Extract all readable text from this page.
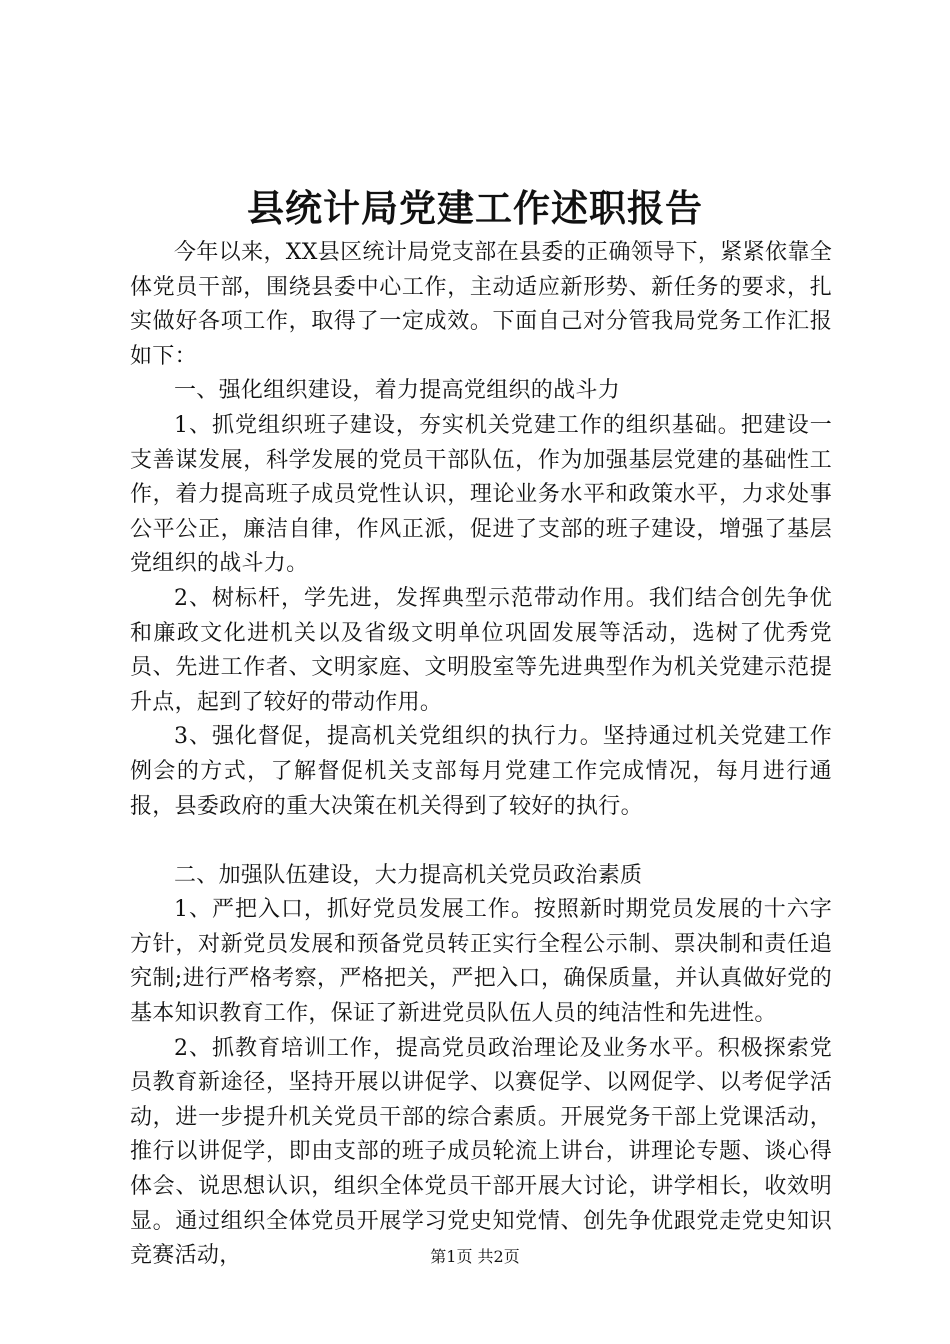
县统计局党建工作述职报告

今年以来，XX县区统计局党支部在县委的正确领导下，紧紧依靠全体党员干部，围绕县委中心工作，主动适应新形势、新任务的要求，扎实做好各项工作，取得了一定成效。下面自己对分管我局党务工作汇报如下：

一、强化组织建设，着力提高党组织的战斗力

1、抓党组织班子建设，夯实机关党建工作的组织基础。把建设一支善谋发展，科学发展的党员干部队伍，作为加强基层党建的基础性工作，着力提高班子成员党性认识，理论业务水平和政策水平，力求处事公平公正，廉洁自律，作风正派，促进了支部的班子建设，增强了基层党组织的战斗力。

2、树标杆，学先进，发挥典型示范带动作用。我们结合创先争优和廉政文化进机关以及省级文明单位巩固发展等活动，选树了优秀党员、先进工作者、文明家庭、文明股室等先进典型作为机关党建示范提升点，起到了较好的带动作用。

3、强化督促，提高机关党组织的执行力。坚持通过机关党建工作例会的方式，了解督促机关支部每月党建工作完成情况，每月进行通报，县委政府的重大决策在机关得到了较好的执行。

二、加强队伍建设，大力提高机关党员政治素质

1、严把入口，抓好党员发展工作。按照新时期党员发展的十六字方针，对新党员发展和预备党员转正实行全程公示制、票决制和责任追究制;进行严格考察，严格把关，严把入口，确保质量，并认真做好党的基本知识教育工作，保证了新进党员队伍人员的纯洁性和先进性。

2、抓教育培训工作，提高党员政治理论及业务水平。积极探索党员教育新途径，坚持开展以讲促学、以赛促学、以网促学、以考促学活动，进一步提升机关党员干部的综合素质。开展党务干部上党课活动，推行以讲促学，即由支部的班子成员轮流上讲台，讲理论专题、谈心得体会、说思想认识，组织全体党员干部开展大讨论，讲学相长，收效明显。通过组织全体党员开展学习党史知党情、创先争优跟党走党史知识竞赛活动，	第1页 共2页
